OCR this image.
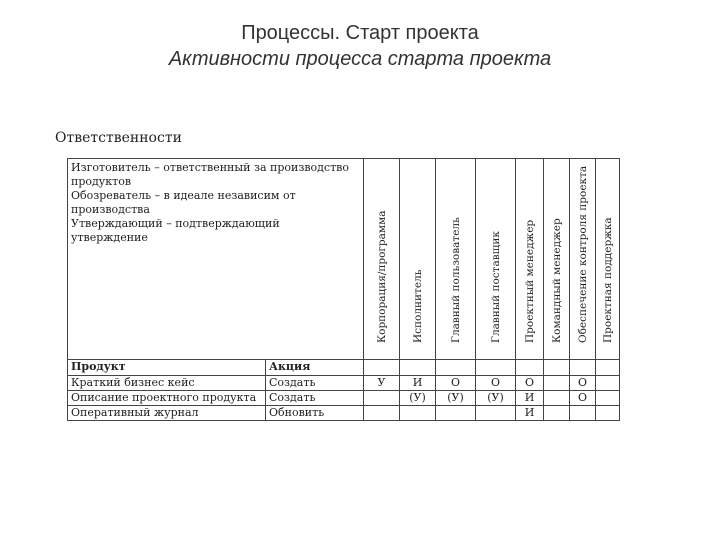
Процессы. Старт проекта
Активности процесса старта проекта
Ответственности
Изготовитель – ответственный за производство продуктов
Обозреватель – в идеале независим от производства
Утверждающий – подтверждающий утверждение		Корпорация/программа	Исполнитель	Главный пользователь	Главный поставщик	Проектный менеджер	Командный менеджер	Обеспечение контроля проекта	Проектная поддержка

Продукт	Акция								
Краткий бизнес кейс	Создать	У	И	О	О	О		О	
Описание проектного продукта	Создать		(У)	(У)	(У)	И		О	
Оперативный журнал	Обновить					И			
